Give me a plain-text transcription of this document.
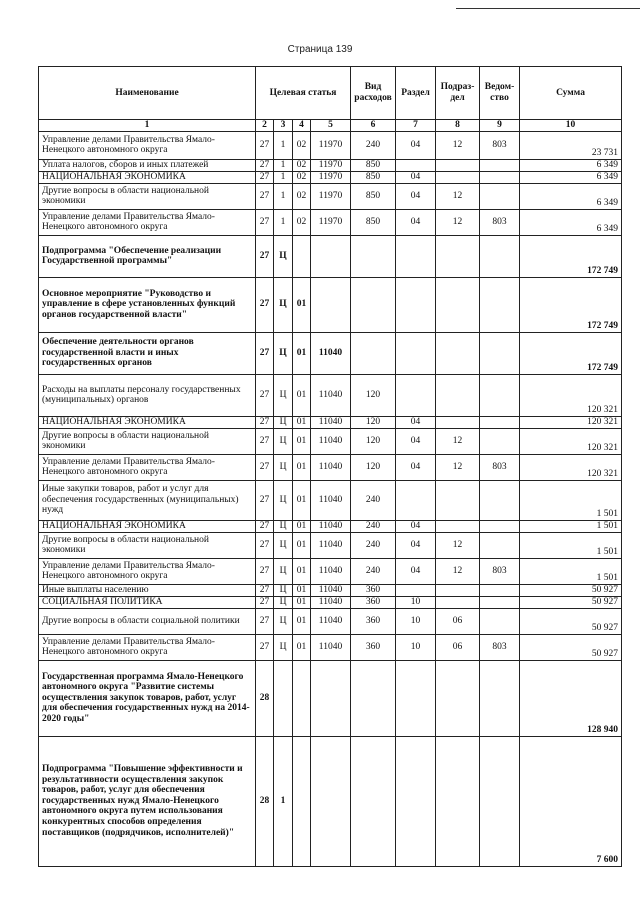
Страница 139
Наименование	Целевая статья				Вид расходов	Раздел	Подраз-дел	Ведом-ство	Сумма
1	2	3	4	5	6	7	8	9	10
Управление делами Правительства Ямало-Ненецкого автономного округа	27	1	02	11970	240	04	12	803	23 731
Уплата налогов, сборов и иных платежей	27	1	02	11970	850				6 349
НАЦИОНАЛЬНАЯ ЭКОНОМИКА	27	1	02	11970	850	04			6 349
Другие вопросы в области национальной экономики	27	1	02	11970	850	04	12		6 349
Управление делами Правительства Ямало-Ненецкого автономного округа	27	1	02	11970	850	04	12	803	6 349
Подпрограмма "Обеспечение реализации Государственной программы"	27	Ц							172 749
Основное мероприятие "Руководство и управление в сфере установленных функций органов государственной власти"	27	Ц	01						172 749
Обеспечение деятельности органов государственной власти и иных государственных органов	27	Ц	01	11040					172 749
Расходы на выплаты персоналу государственных (муниципальных) органов	27	Ц	01	11040	120				120 321
НАЦИОНАЛЬНАЯ ЭКОНОМИКА	27	Ц	01	11040	120	04			120 321
Другие вопросы в области национальной экономики	27	Ц	01	11040	120	04	12		120 321
Управление делами Правительства Ямало-Ненецкого автономного округа	27	Ц	01	11040	120	04	12	803	120 321
Иные закупки товаров, работ и услуг для обеспечения государственных (муниципальных) нужд	27	Ц	01	11040	240				1 501
НАЦИОНАЛЬНАЯ ЭКОНОМИКА	27	Ц	01	11040	240	04			1 501
Другие вопросы в области национальной экономики	27	Ц	01	11040	240	04	12		1 501
Управление делами Правительства Ямало-Ненецкого автономного округа	27	Ц	01	11040	240	04	12	803	1 501
Иные выплаты населению	27	Ц	01	11040	360				50 927
СОЦИАЛЬНАЯ ПОЛИТИКА	27	Ц	01	11040	360	10			50 927
Другие вопросы в области социальной политики	27	Ц	01	11040	360	10	06		50 927
Управление делами Правительства Ямало-Ненецкого автономного округа	27	Ц	01	11040	360	10	06	803	50 927
Государственная программа Ямало-Ненецкого автономного округа "Развитие системы осуществления закупок товаров, работ, услуг для обеспечения государственных нужд на 2014-2020 годы"	28								128 940
Подпрограмма "Повышение эффективности и результативности осуществления закупок товаров, работ, услуг для обеспечения государственных нужд Ямало-Ненецкого автономного округа путем использования конкурентных способов определения поставщиков (подрядчиков, исполнителей)"	28	1							7 600
